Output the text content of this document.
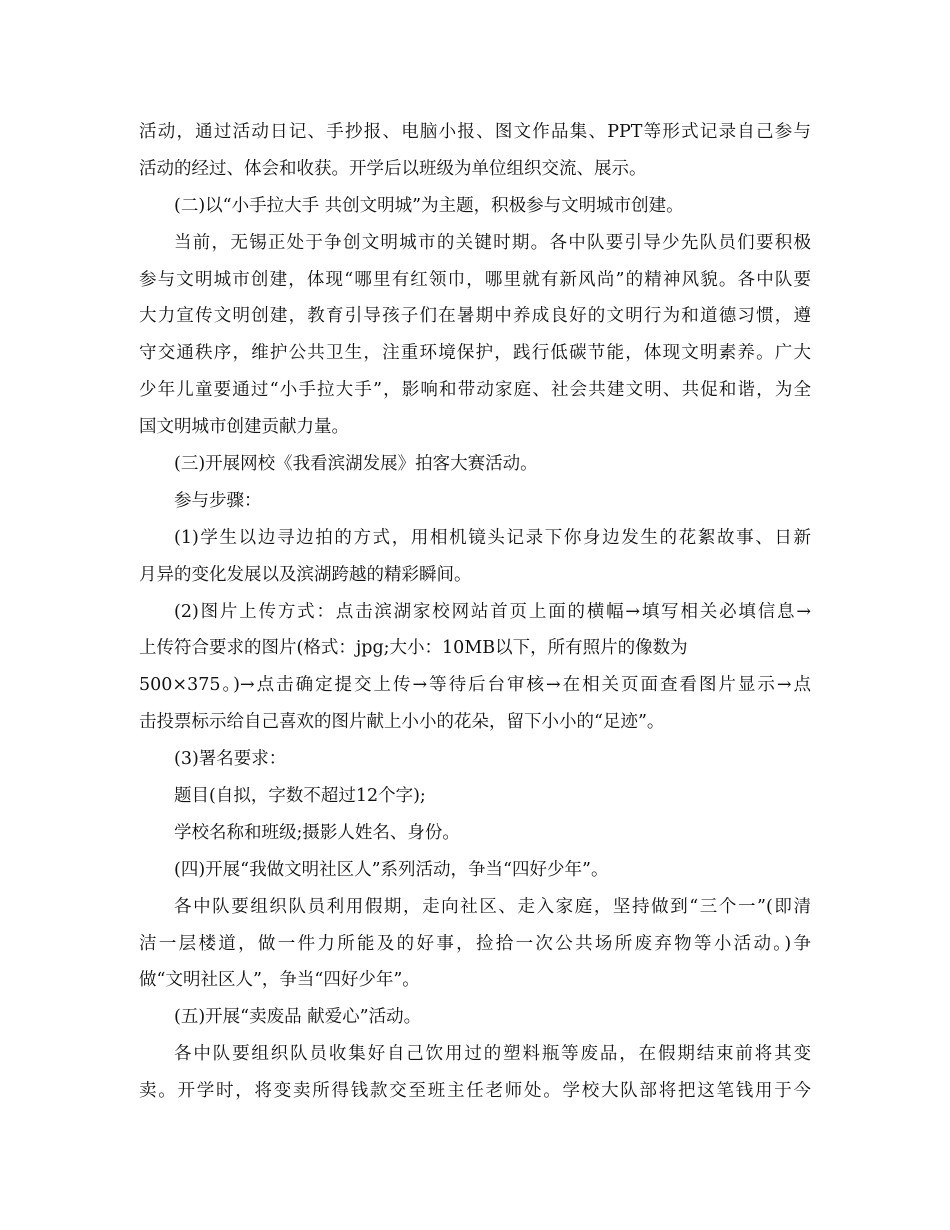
活动，通过活动日记、手抄报、电脑小报、图文作品集、PPT等形式记录自己参与
活动的经过、体会和收获。开学后以班级为单位组织交流、展示。
(二)以“小手拉大手 共创文明城”为主题，积极参与文明城市创建。
当前，无锡正处于争创文明城市的关键时期。各中队要引导少先队员们要积极
参与文明城市创建，体现“哪里有红领巾，哪里就有新风尚”的精神风貌。各中队要
大力宣传文明创建，教育引导孩子们在暑期中养成良好的文明行为和道德习惯，遵
守交通秩序，维护公共卫生，注重环境保护，践行低碳节能，体现文明素养。广大
少年儿童要通过“小手拉大手”，影响和带动家庭、社会共建文明、共促和谐，为全
国文明城市创建贡献力量。
(三)开展网校《我看滨湖发展》拍客大赛活动。
参与步骤：
(1)学生以边寻边拍的方式，用相机镜头记录下你身边发生的花絮故事、日新
月异的变化发展以及滨湖跨越的精彩瞬间。
(2)图片上传方式：点击滨湖家校网站首页上面的横幅→填写相关必填信息→
上传符合要求的图片(格式：jpg;大小：10MB以下，所有照片的像数为
500×375。)→点击确定提交上传→等待后台审核→在相关页面查看图片显示→点
击投票标示给自己喜欢的图片献上小小的花朵，留下小小的“足迹”。
(3)署名要求：
题目(自拟，字数不超过12个字);
学校名称和班级;摄影人姓名、身份。
(四)开展“我做文明社区人”系列活动，争当“四好少年”。
各中队要组织队员利用假期，走向社区、走入家庭，坚持做到“三个一”(即清
洁一层楼道，做一件力所能及的好事，捡拾一次公共场所废弃物等小活动。)争
做“文明社区人”，争当“四好少年”。
(五)开展“卖废品 献爱心”活动。
各中队要组织队员收集好自己饮用过的塑料瓶等废品，在假期结束前将其变
卖。开学时，将变卖所得钱款交至班主任老师处。学校大队部将把这笔钱用于今
